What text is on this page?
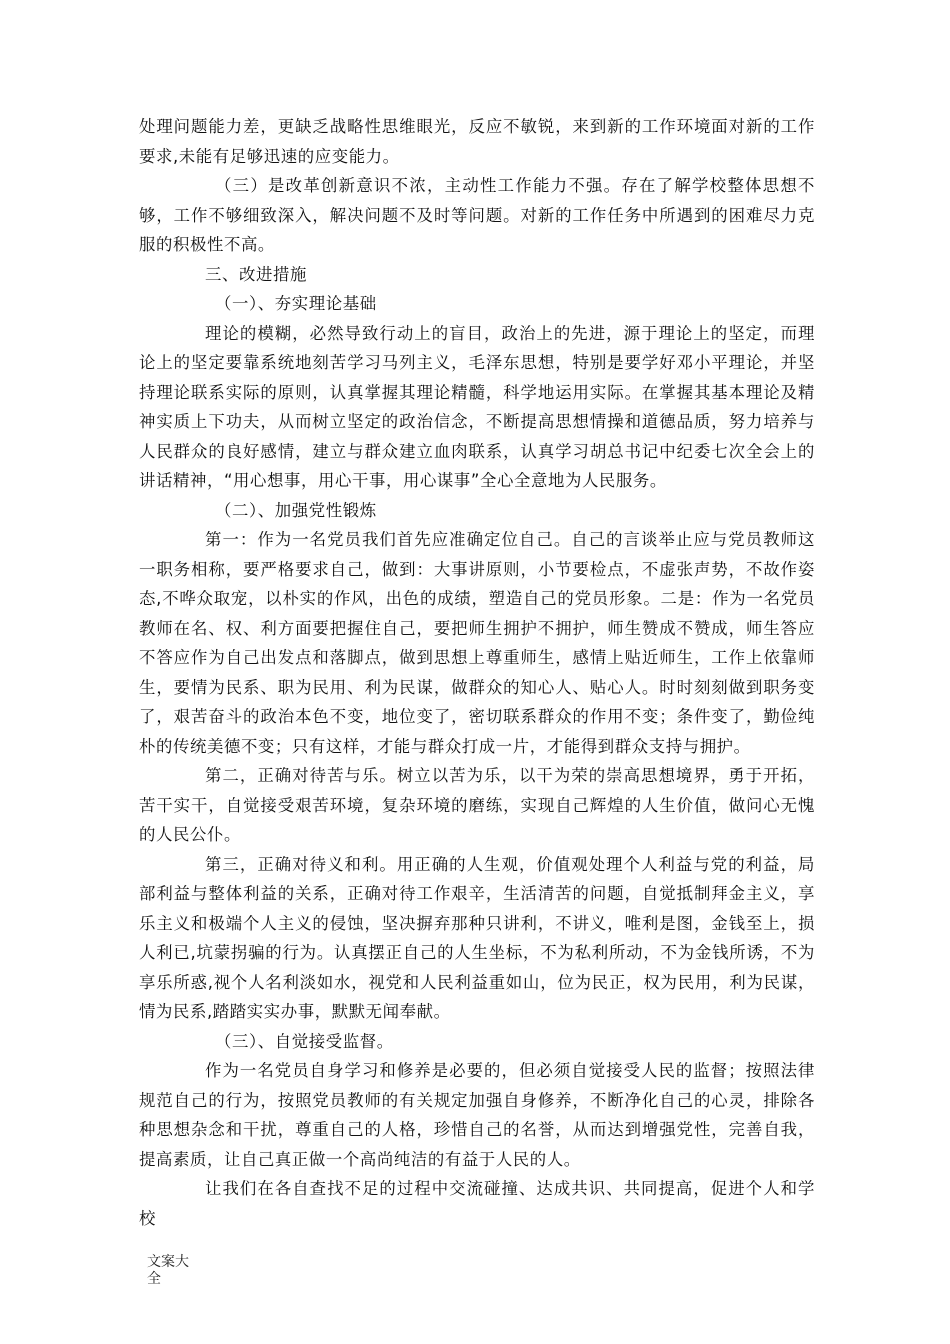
处理问题能力差，更缺乏战略性思维眼光，反应不敏锐，来到新的工作环境面对新的工作要求,未能有足够迅速的应变能力。

（三）是改革创新意识不浓，主动性工作能力不强。存在了解学校整体思想不够，工作不够细致深入，解决问题不及时等问题。对新的工作任务中所遇到的困难尽力克服的积极性不高。

三、改进措施

（一）、夯实理论基础

理论的模糊，必然导致行动上的盲目，政治上的先进，源于理论上的坚定，而理论上的坚定要靠系统地刻苦学习马列主义，毛泽东思想，特别是要学好邓小平理论，并坚持理论联系实际的原则，认真掌握其理论精髓，科学地运用实际。在掌握其基本理论及精神实质上下功夫，从而树立坚定的政治信念，不断提高思想情操和道德品质，努力培养与人民群众的良好感情，建立与群众建立血肉联系，认真学习胡总书记中纪委七次全会上的讲话精神，“用心想事，用心干事，用心谋事”全心全意地为人民服务。

（二）、加强党性锻炼

第一：作为一名党员我们首先应准确定位自己。自己的言谈举止应与党员教师这一职务相称，要严格要求自己，做到：大事讲原则，小节要检点，不虚张声势，不故作姿态,不哗众取宠，以朴实的作风，出色的成绩，塑造自己的党员形象。二是：作为一名党员教师在名、权、利方面要把握住自己，要把师生拥护不拥护，师生赞成不赞成，师生答应不答应作为自己出发点和落脚点，做到思想上尊重师生，感情上贴近师生，工作上依靠师生，要情为民系、职为民用、利为民谋，做群众的知心人、贴心人。时时刻刻做到职务变了，艰苦奋斗的政治本色不变，地位变了，密切联系群众的作用不变；条件变了，勤俭纯朴的传统美德不变；只有这样，才能与群众打成一片，才能得到群众支持与拥护。

第二，正确对待苦与乐。树立以苦为乐，以干为荣的崇高思想境界，勇于开拓，苦干实干，自觉接受艰苦环境，复杂环境的磨练，实现自己辉煌的人生价值，做问心无愧的人民公仆。

第三，正确对待义和利。用正确的人生观，价值观处理个人利益与党的利益，局部利益与整体利益的关系，正确对待工作艰辛，生活清苦的问题，自觉抵制拜金主义，享乐主义和极端个人主义的侵蚀，坚决摒弃那种只讲利，不讲义，唯利是图，金钱至上，损人利已,坑蒙拐骗的行为。认真摆正自己的人生坐标，不为私利所动，不为金钱所诱，不为享乐所惑,视个人名利淡如水，视党和人民利益重如山，位为民正，权为民用，利为民谋，情为民系,踏踏实实办事，默默无闻奉献。

（三）、自觉接受监督。

作为一名党员自身学习和修养是必要的，但必须自觉接受人民的监督；按照法律规范自己的行为，按照党员教师的有关规定加强自身修养，不断净化自己的心灵，排除各种思想杂念和干扰，尊重自己的人格，珍惜自己的名誉，从而达到增强党性，完善自我，提高素质，让自己真正做一个高尚纯洁的有益于人民的人。

让我们在各自查找不足的过程中交流碰撞、达成共识、共同提高，促进个人和学校

文案大
全
